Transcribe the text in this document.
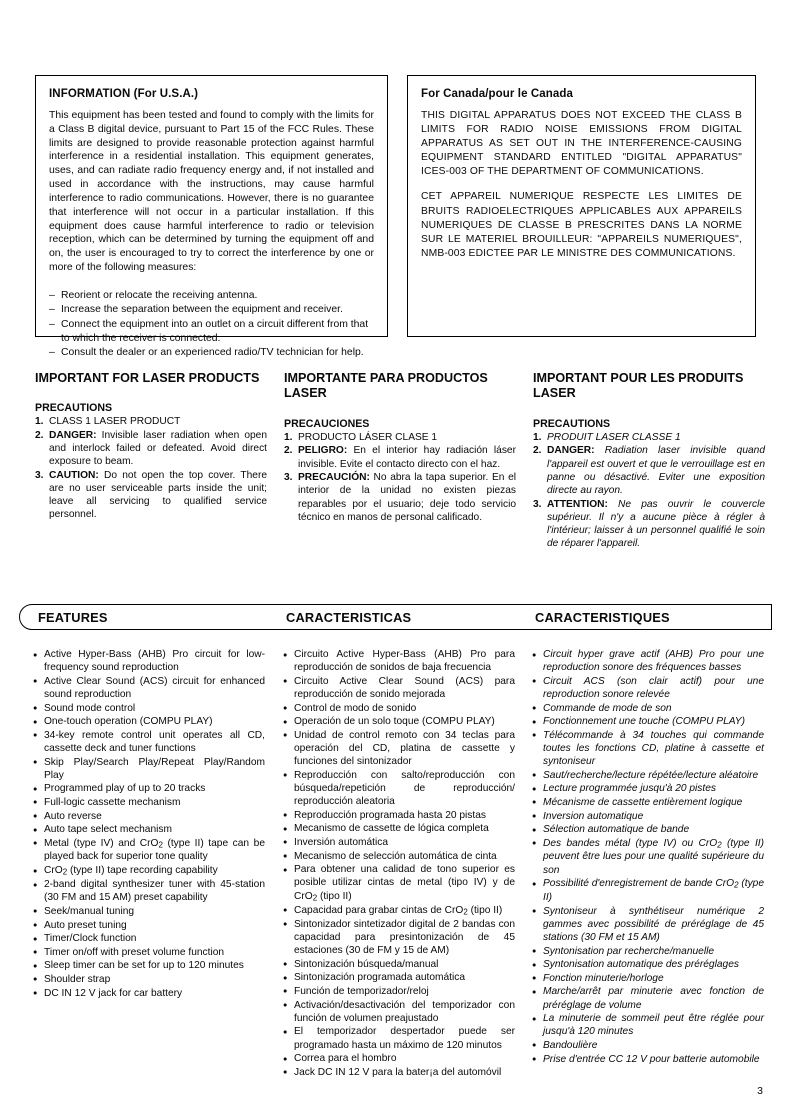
INFORMATION (For U.S.A.)

This equipment has been tested and found to comply with the limits for a Class B digital device, pursuant to Part 15 of the FCC Rules. These limits are designed to provide reasonable protection against harmful interference in a residential installation. This equipment generates, uses, and can radiate radio frequency energy and, if not installed and used in accordance with the instructions, may cause harmful interference to radio communications. However, there is no guarantee that interference will not occur in a particular installation. If this equipment does cause harmful interference to radio or television reception, which can be determined by turning the equipment off and on, the user is encouraged to try to correct the interference by one or more of the following measures:

– Reorient or relocate the receiving antenna.
– Increase the separation between the equipment and receiver.
– Connect the equipment into an outlet on a circuit different from that to which the receiver is connected.
– Consult the dealer or an experienced radio/TV technician for help.
For Canada/pour le Canada

THIS DIGITAL APPARATUS DOES NOT EXCEED THE CLASS B LIMITS FOR RADIO NOISE EMISSIONS FROM DIGITAL APPARATUS AS SET OUT IN THE INTERFERENCE-CAUSING EQUIPMENT STANDARD ENTITLED "DIGITAL APPARATUS" ICES-003 OF THE DEPARTMENT OF COMMUNICATIONS.

CET APPAREIL NUMERIQUE RESPECTE LES LIMITES DE BRUITS RADIOELECTRIQUES APPLICABLES AUX APPAREILS NUMERIQUES DE CLASSE B PRESCRITES DANS LA NORME SUR LE MATERIEL BROUILLEUR: "APPAREILS NUMERIQUES", NMB-003 EDICTEE PAR LE MINISTRE DES COMMUNICATIONS.

IMPORTANT FOR LASER PRODUCTS
PRECAUTIONS
1. CLASS 1 LASER PRODUCT
2. DANGER: Invisible laser radiation when open and interlock failed or defeated. Avoid direct exposure to beam.
3. CAUTION: Do not open the top cover. There are no user serviceable parts inside the unit; leave all servicing to qualified service personnel.
IMPORTANTE PARA PRODUCTOS LASER
PRECAUCIONES
1. PRODUCTO LÁSER CLASE 1
2. PELIGRO: En el interior hay radiación láser invisible. Evite el contacto directo con el haz.
3. PRECAUCIÓN: No abra la tapa superior. En el interior de la unidad no existen piezas reparables por el usuario; deje todo servicio técnico en manos de personal calificado.
IMPORTANT POUR LES PRODUITS LASER
PRECAUTIONS
1. PRODUIT LASER CLASSE 1
2. DANGER: Radiation laser invisible quand l'appareil est ouvert et que le verrouillage est en panne ou désactivé. Eviter une exposition directe au rayon.
3. ATTENTION: Ne pas ouvrir le couvercle supérieur. Il n'y a aucune pièce à régler à l'intérieur; laisser à un personnel qualifié le soin de réparer l'appareil.
FEATURES	CARACTERISTICAS	CARACTERISTIQUES
● Active Hyper-Bass (AHB) Pro circuit for low-frequency sound reproduction
● Active Clear Sound (ACS) circuit for enhanced sound reproduction
● Sound mode control
● One-touch operation (COMPU PLAY)
● 34-key remote control unit operates all CD, cassette deck and tuner functions
● Skip Play/Search Play/Repeat Play/Random Play
● Programmed play of up to 20 tracks
● Full-logic cassette mechanism
● Auto reverse
● Auto tape select mechanism
● Metal (type IV) and CrO$_2$ (type II) tape can be played back for superior tone quality
● CrO$_2$ (type II) tape recording capability
● 2-band digital synthesizer tuner with 45-station (30 FM and 15 AM) preset capability
● Seek/manual tuning
● Auto preset tuning
● Timer/Clock function
● Timer on/off with preset volume function
● Sleep timer can be set for up to 120 minutes
● Shoulder strap
● DC IN 12 V jack for car battery
● Circuito Active Hyper-Bass (AHB) Pro para reproducción de sonidos de baja frecuencia
● Circuito Active Clear Sound (ACS) para reproducción de sonido mejorada
● Control de modo de sonido
● Operación de un solo toque (COMPU PLAY)
● Unidad de control remoto con 34 teclas para operación del CD, platina de cassette y funciones del sintonizador
● Reproducción con salto/reproducción con búsqueda/repetición de reproducción/ reproducción aleatoria
● Reproducción programada hasta 20 pistas
● Mecanismo de cassette de lógica completa
● Inversión automática
● Mecanismo de selección automática de cinta
● Para obtener una calidad de tono superior es posible utilizar cintas de metal (tipo IV) y de CrO$_2$ (tipo II)
● Capacidad para grabar cintas de CrO$_2$ (tipo II)
● Sintonizador sintetizador digital de 2 bandas con capacidad para presintonización de 45 estaciones (30 de FM y 15 de AM)
● Sintonización búsqueda/manual
● Sintonización programada automática
● Función de temporizador/reloj
● Activación/desactivación del temporizador con función de volumen preajustado
● El temporizador despertador puede ser programado hasta un máximo de 120 minutos
● Correa para el hombro
● Jack DC IN 12 V para la bater¡a del automóvil
● Circuit hyper grave actif (AHB) Pro pour une reproduction sonore des fréquences basses
● Circuit ACS (son clair actif) pour une reproduction sonore relevée
● Commande de mode de son
● Fonctionnement une touche (COMPU PLAY)
● Télécommande à 34 touches qui commande toutes les fonctions CD, platine à cassette et syntoniseur
● Saut/recherche/lecture répétée/lecture aléatoire
● Lecture programmée jusqu'à 20 pistes
● Mécanisme de cassette entièrement logique
● Inversion automatique
● Sélection automatique de bande
● Des bandes métal (type IV) ou CrO$_2$ (type II) peuvent être lues pour une qualité supérieure du son
● Possibilité d'enregistrement de bande CrO$_2$ (type II)
● Syntoniseur à synthétiseur numérique 2 gammes avec possibilité de préréglage de 45 stations (30 FM et 15 AM)
● Syntonisation par recherche/manuelle
● Syntonisation automatique des préréglages
● Fonction minuterie/horloge
● Marche/arrêt par minuterie avec fonction de préréglage de volume
● La minuterie de sommeil peut être réglée pour jusqu'à 120 minutes
● Bandoulière
● Prise d'entrée CC 12 V pour batterie automobile
3
